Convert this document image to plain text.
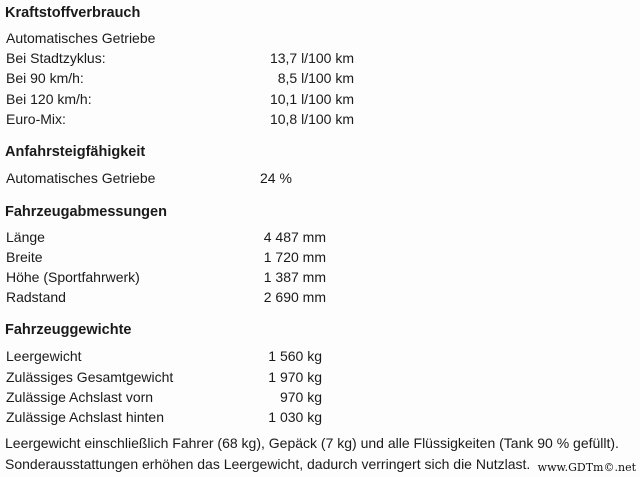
Kraftstoffverbrauch
Automatisches Getriebe
Bei Stadtzyklus:	13,7 l/100 km
Bei 90 km/h:	8,5 l/100 km
Bei 120 km/h:	10,1 l/100 km
Euro-Mix:	10,8 l/100 km
Anfahrsteigfähigkeit
Automatisches Getriebe	24 %
Fahrzeugabmessungen
Länge	4 487 mm
Breite	1 720 mm
Höhe (Sportfahrwerk)	1 387 mm
Radstand	2 690 mm
Fahrzeuggewichte
Leergewicht	1 560 kg
Zulässiges Gesamtgewicht	1 970 kg
Zulässige Achslast vorn	970 kg
Zulässige Achslast hinten	1 030 kg
Leergewicht einschließlich Fahrer (68 kg), Gepäck (7 kg) und alle Flüssigkeiten (Tank 90 % gefüllt).
Sonderausstattungen erhöhen das Leergewicht, dadurch verringert sich die Nutzlast. www.GDTm©.net
